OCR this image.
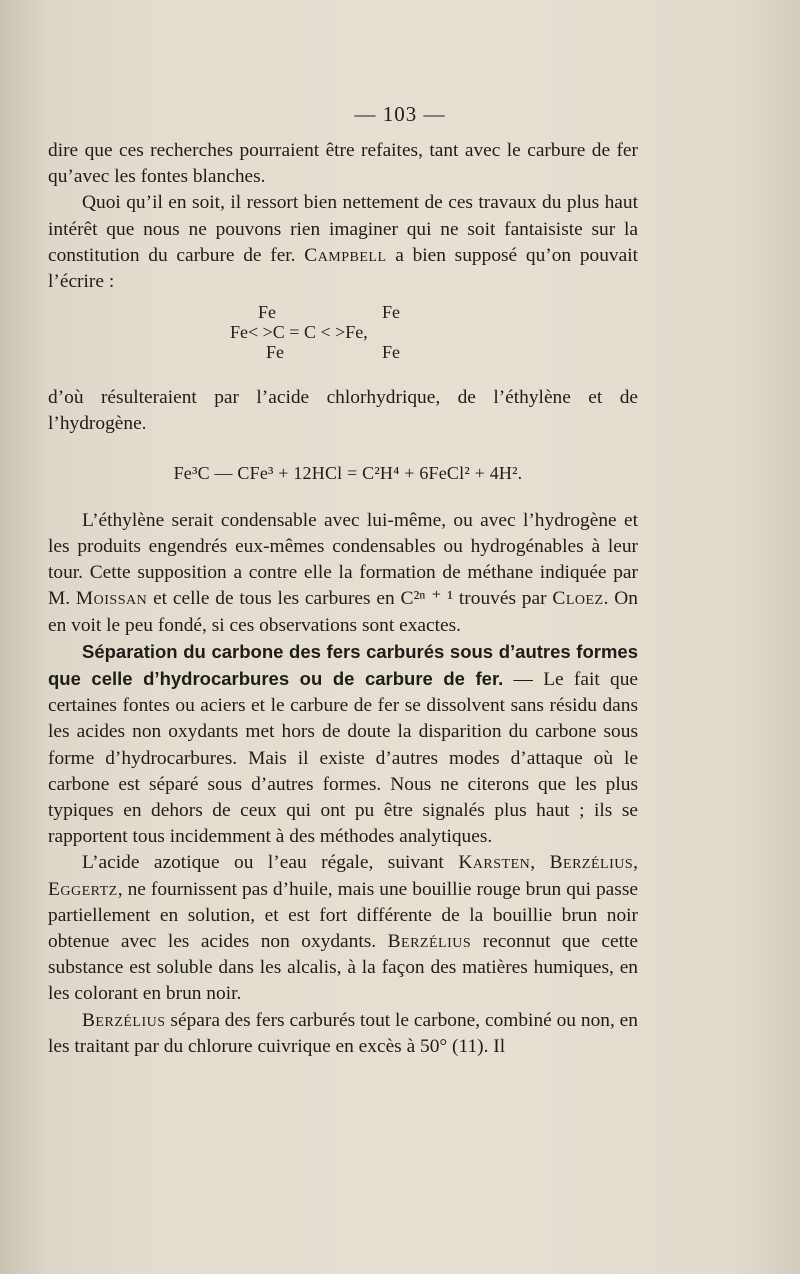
— 103 —

dire que ces recherches pourraient être refaites, tant avec le carbure de fer qu’avec les fontes blanches.

Quoi qu’il en soit, il ressort bien nettement de ces travaux du plus haut intérêt que nous ne pouvons rien imaginer qui ne soit fantaisiste sur la constitution du carbure de fer. Campbell a bien supposé qu’on pouvait l’écrire :

Fe	Fe
Fe< >C = C < >Fe,
Fe	Fe

d’où résulteraient par l’acide chlorhydrique, de l’éthylène et de l’hydrogène.

Fe³C — CFe³ + 12HCl = C²H⁴ + 6FeCl² + 4H².

L’éthylène serait condensable avec lui-même, ou avec l’hydrogène et les produits engendrés eux-mêmes condensables ou hydrogénables à leur tour. Cette supposition a contre elle la formation de méthane indiquée par M. Moissan et celle de tous les carbures en C²ⁿ ⁺ ¹ trouvés par Cloez. On en voit le peu fondé, si ces observations sont exactes.

Séparation du carbone des fers carburés sous d’autres formes que celle d’hydrocarbures ou de carbure de fer. — Le fait que certaines fontes ou aciers et le carbure de fer se dissolvent sans résidu dans les acides non oxydants met hors de doute la disparition du carbone sous forme d’hydrocarbures. Mais il existe d’autres modes d’attaque où le carbone est séparé sous d’autres formes. Nous ne citerons que les plus typiques en dehors de ceux qui ont pu être signalés plus haut ; ils se rapportent tous incidemment à des méthodes analytiques.

L’acide azotique ou l’eau régale, suivant Karsten, Berzélius, Eggertz, ne fournissent pas d’huile, mais une bouillie rouge brun qui passe partiellement en solution, et est fort différente de la bouillie brun noir obtenue avec les acides non oxydants. Berzélius reconnut que cette substance est soluble dans les alcalis, à la façon des matières humiques, en les colorant en brun noir.

Berzélius sépara des fers carburés tout le carbone, combiné ou non, en les traitant par du chlorure cuivrique en excès à 50° (11). Il
